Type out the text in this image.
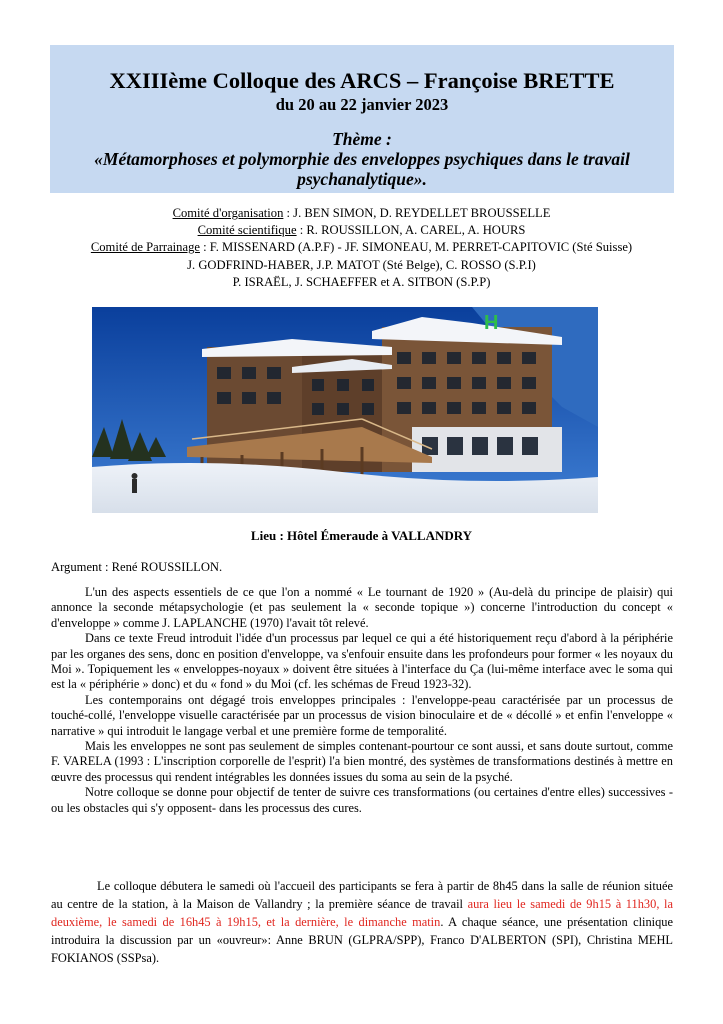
XXIIIème Colloque des ARCS – Françoise BRETTE
du 20 au 22 janvier 2023
Thème :
«Métamorphoses et polymorphie des enveloppes psychiques dans le travail psychanalytique».
Comité d'organisation : J. BEN SIMON, D. REYDELLET BROUSSELLE
Comité scientifique : R. ROUSSILLON, A. CAREL, A. HOURS
Comité de Parrainage : F. MISSENARD (A.P.F) - JF. SIMONEAU, M. PERRET-CAPITOVIC (Sté Suisse)
J. GODFRIND-HABER, J.P. MATOT (Sté Belge), C. ROSSO (S.P.I)
P. ISRAËL, J. SCHAEFFER et A. SITBON (S.P.P)
H
Lieu : Hôtel Émeraude à VALLANDRY
Argument : René ROUSSILLON.

L'un des aspects essentiels de ce que l'on a nommé « Le tournant de 1920 » (Au-delà du principe de plaisir) qui annonce la seconde métapsychologie (et pas seulement la « seconde topique ») concerne l'introduction du concept « d'enveloppe » comme J. LAPLANCHE (1970) l'avait tôt relevé.

Dans ce texte Freud introduit l'idée d'un processus par lequel ce qui a été historiquement reçu d'abord à la périphérie par les organes des sens, donc en position d'enveloppe, va s'enfouir ensuite dans les profondeurs pour former « les noyaux du Moi ». Topiquement les « enveloppes-noyaux » doivent être situées à l'interface du Ça (lui-même interface avec le soma qui est la « périphérie » donc) et du « fond » du Moi (cf. les schémas de Freud 1923-32).

Les contemporains ont dégagé trois enveloppes principales : l'enveloppe-peau caractérisée par un processus de touché-collé, l'enveloppe visuelle caractérisée par un processus de vision binoculaire et de « décollé » et enfin l'enveloppe « narrative » qui introduit le langage verbal et une première forme de temporalité.

Mais les enveloppes ne sont pas seulement de simples contenant-pourtour ce sont aussi, et sans doute surtout, comme F. VARELA (1993 : L'inscription corporelle de l'esprit) l'a bien montré, des systèmes de transformations destinés à mettre en œuvre des processus qui rendent intégrables les données issues du soma au sein de la psyché.

Notre colloque se donne pour objectif de tenter de suivre ces transformations (ou certaines d'entre elles) successives - ou les obstacles qui s'y opposent- dans les processus des cures.

Le colloque débutera le samedi où l'accueil des participants se fera à partir de 8h45 dans la salle de réunion située au centre de la station, à la Maison de Vallandry ; la première séance de travail aura lieu le samedi de 9h15 à 11h30, la deuxième, le samedi de 16h45 à 19h15, et la dernière, le dimanche matin. A chaque séance, une présentation clinique introduira la discussion par un «ouvreur»: Anne BRUN (GLPRA/SPP), Franco D'ALBERTON (SPI), Christina MEHL FOKIANOS (SSPsa).
